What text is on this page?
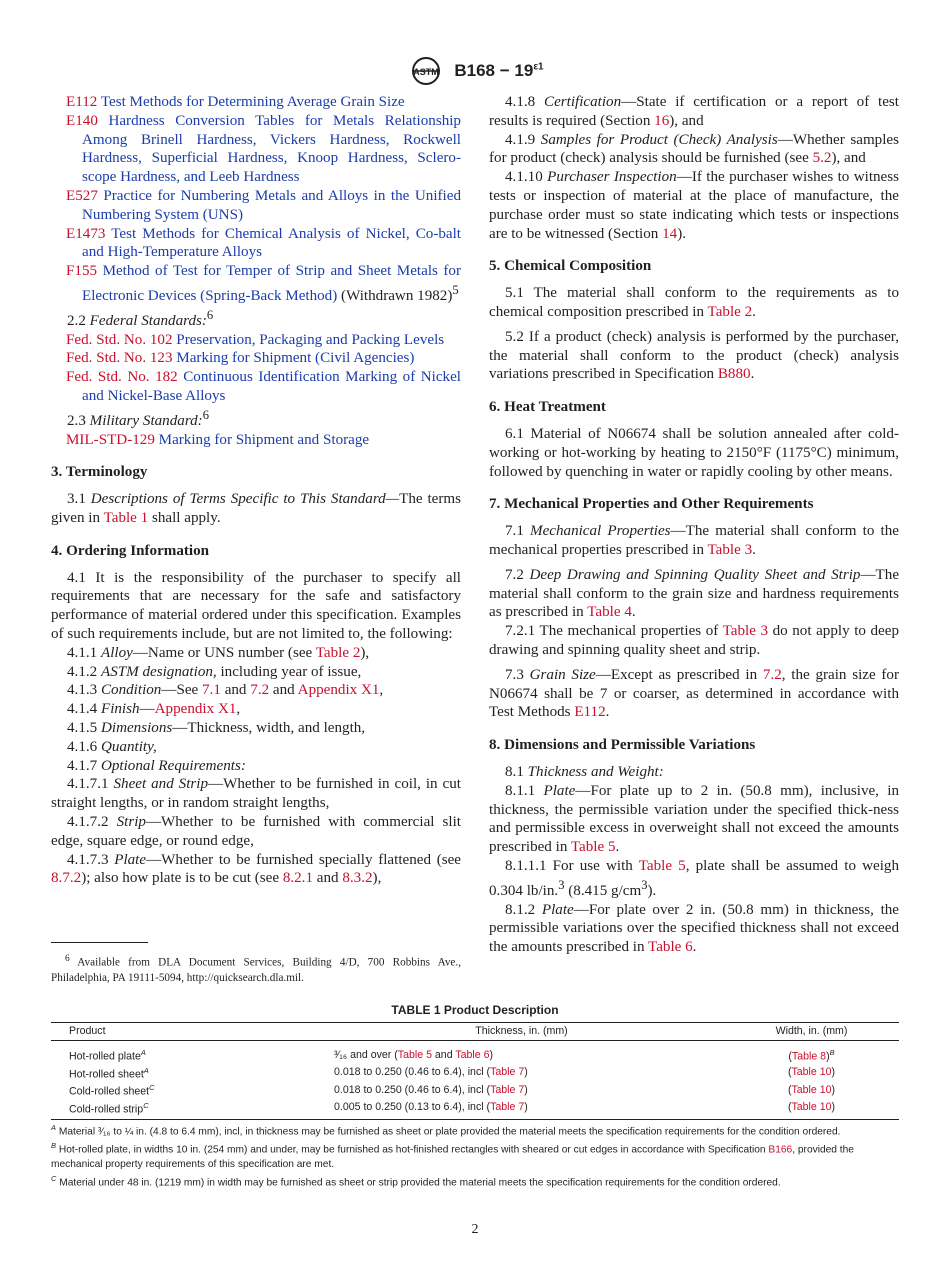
ASTM $B168 - 19^{\varepsilon 1}$

E112 Test Methods for Determining Average Grain Size

E140 Hardness Conversion Tables for Metals Relationship Among Brinell Hardness, Vickers Hardness, Rockwell Hardness, Superficial Hardness, Knoop Hardness, Sclero-scope Hardness, and Leeb Hardness

E527 Practice for Numbering Metals and Alloys in the Unified Numbering System (UNS)

E1473 Test Methods for Chemical Analysis of Nickel, Co-balt and High-Temperature Alloys

F155 Method of Test for Temper of Strip and Sheet Metals for Electronic Devices (Spring-Back Method) (Withdrawn 1982)$^5$

2.2 Federal Standards:$^6$

Fed. Std. No. 102 Preservation, Packaging and Packing Levels

Fed. Std. No. 123 Marking for Shipment (Civil Agencies)

Fed. Std. No. 182 Continuous Identification Marking of Nickel and Nickel-Base Alloys

2.3 Military Standard:$^6$

MIL-STD-129 Marking for Shipment and Storage

3. Terminology

3.1 Descriptions of Terms Specific to This Standard—The terms given in Table 1 shall apply.

4. Ordering Information

4.1 It is the responsibility of the purchaser to specify all requirements that are necessary for the safe and satisfactory performance of material ordered under this specification. Examples of such requirements include, but are not limited to, the following:

4.1.1 Alloy—Name or UNS number (see Table 2),

4.1.2 ASTM designation, including year of issue,

4.1.3 Condition—See 7.1 and 7.2 and Appendix X1,

4.1.4 Finish—Appendix X1,

4.1.5 Dimensions—Thickness, width, and length,

4.1.6 Quantity,

4.1.7 Optional Requirements:

4.1.7.1 Sheet and Strip—Whether to be furnished in coil, in cut straight lengths, or in random straight lengths,

4.1.7.2 Strip—Whether to be furnished with commercial slit edge, square edge, or round edge,

4.1.7.3 Plate—Whether to be furnished specially flattened (see 8.7.2); also how plate is to be cut (see 8.2.1 and 8.3.2),

$^6$ Available from DLA Document Services, Building 4/D, 700 Robbins Ave., Philadelphia, PA 19111-5094, http://quicksearch.dla.mil.

4.1.8 Certification—State if certification or a report of test results is required (Section 16), and

4.1.9 Samples for Product (Check) Analysis—Whether samples for product (check) analysis should be furnished (see 5.2), and

4.1.10 Purchaser Inspection—If the purchaser wishes to witness tests or inspection of material at the place of manufacture, the purchase order must so state indicating which tests or inspections are to be witnessed (Section 14).

5. Chemical Composition

5.1 The material shall conform to the requirements as to chemical composition prescribed in Table 2.

5.2 If a product (check) analysis is performed by the purchaser, the material shall conform to the product (check) analysis variations prescribed in Specification B880.

6. Heat Treatment

6.1 Material of N06674 shall be solution annealed after cold-working or hot-working by heating to 2150°F (1175°C) minimum, followed by quenching in water or rapidly cooling by other means.

7. Mechanical Properties and Other Requirements

7.1 Mechanical Properties—The material shall conform to the mechanical properties prescribed in Table 3.

7.2 Deep Drawing and Spinning Quality Sheet and Strip—The material shall conform to the grain size and hardness requirements as prescribed in Table 4.

7.2.1 The mechanical properties of Table 3 do not apply to deep drawing and spinning quality sheet and strip.

7.3 Grain Size—Except as prescribed in 7.2, the grain size for N06674 shall be 7 or coarser, as determined in accordance with Test Methods E112.

8. Dimensions and Permissible Variations

8.1 Thickness and Weight:

8.1.1 Plate—For plate up to 2 in. (50.8 mm), inclusive, in thickness, the permissible variation under the specified thick-ness and permissible excess in overweight shall not exceed the amounts prescribed in Table 5.

8.1.1.1 For use with Table 5, plate shall be assumed to weigh 0.304 lb/in.$^3$ (8.415 $g/cm^3$).

8.1.2 Plate—For plate over 2 in. (50.8 mm) in thickness, the permissible variations over the specified thickness shall not exceed the amounts prescribed in Table 6.

TABLE 1 Product Description
Product	Thickness, in. (mm)	Width, in. (mm)
Hot-rolled plate$^A$	³⁄₁₆ and over (Table 5 and Table 6)	(Table 8)$^B$
Hot-rolled sheet$^A$	0.018 to 0.250 (0.46 to 6.4), incl (Table 7)	(Table 10)
Cold-rolled sheet$^C$	0.018 to 0.250 (0.46 to 6.4), incl (Table 7)	(Table 10)
Cold-rolled strip$^C$	0.005 to 0.250 (0.13 to 6.4), incl (Table 7)	(Table 10)
$^A$ Material ³⁄₁₆ to ¼ in. (4.8 to 6.4 mm), incl, in thickness may be furnished as sheet or plate provided the material meets the specification requirements for the condition ordered.
$^B$ Hot-rolled plate, in widths 10 in. (254 mm) and under, may be furnished as hot-finished rectangles with sheared or cut edges in accordance with Specification B166, provided the mechanical property requirements of this specification are met.
$^C$ Material under 48 in. (1219 mm) in width may be furnished as sheet or strip provided the material meets the specification requirements for the condition ordered.
2
